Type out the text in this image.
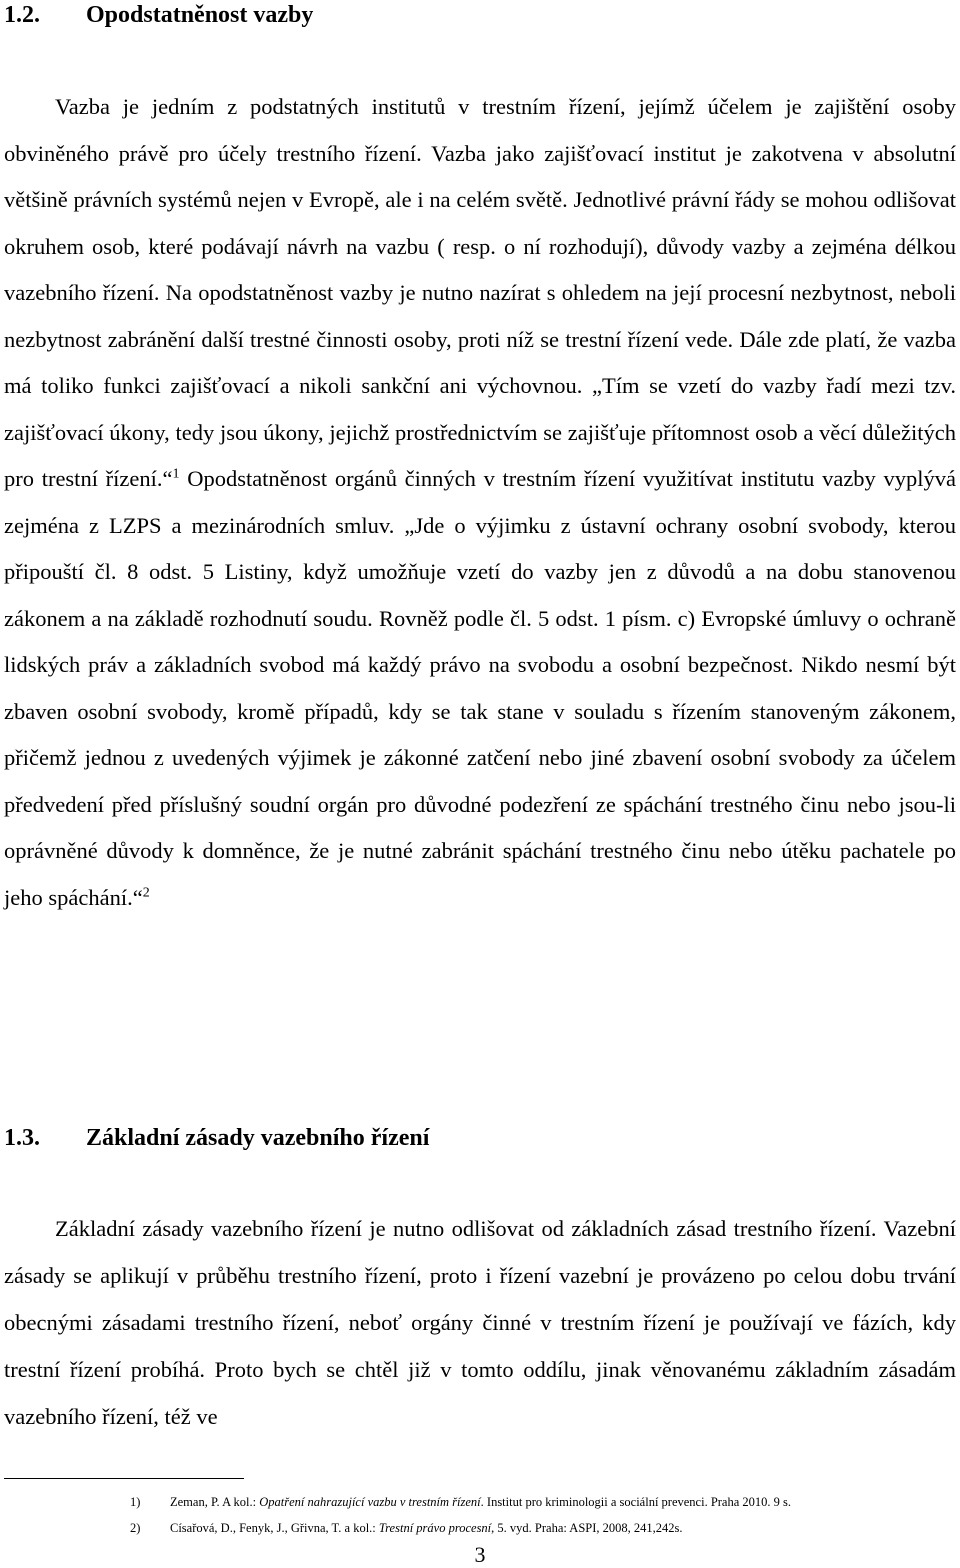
1.2. Opodstatněnost vazby

Vazba je jedním z podstatných institutů v trestním řízení, jejímž účelem je zajištění osoby obviněného právě pro účely trestního řízení. Vazba jako zajišťovací institut je zakotvena v absolutní většině právních systémů nejen v Evropě, ale i na celém světě. Jednotlivé právní řády se mohou odlišovat okruhem osob, které podávají návrh na vazbu ( resp. o ní rozhodují), důvody vazby a zejména délkou vazebního řízení. Na opodstatněnost vazby je nutno nazírat s ohledem na její procesní nezbytnost, neboli nezbytnost zabránění další trestné činnosti osoby, proti níž se trestní řízení vede. Dále zde platí, že vazba má toliko funkci zajišťovací a nikoli sankční ani výchovnou. „Tím se vzetí do vazby řadí mezi tzv. zajišťovací úkony, tedy jsou úkony, jejichž prostřednictvím se zajišťuje přítomnost osob a věcí důležitých pro trestní řízení.“$^1$ Opodstatněnost orgánů činných v trestním řízení využitívat institutu vazby vyplývá zejména z LZPS a mezinárodních smluv. „Jde o výjimku z ústavní ochrany osobní svobody, kterou připouští čl. 8 odst. 5 Listiny, když umožňuje vzetí do vazby jen z důvodů a na dobu stanovenou zákonem a na základě rozhodnutí soudu. Rovněž podle čl. 5 odst. 1 písm. c) Evropské úmluvy o ochraně lidských práv a základních svobod má každý právo na svobodu a osobní bezpečnost. Nikdo nesmí být zbaven osobní svobody, kromě případů, kdy se tak stane v souladu s řízením stanoveným zákonem, přičemž jednou z uvedených výjimek je zákonné zatčení nebo jiné zbavení osobní svobody za účelem předvedení před příslušný soudní orgán pro důvodné podezření ze spáchání trestného činu nebo jsou-li oprávněné důvody k domněnce, že je nutné zabránit spáchání trestného činu nebo útěku pachatele po jeho spáchání.“$^2$

1.3. Základní zásady vazebního řízení

Základní zásady vazebního řízení je nutno odlišovat od základních zásad trestního řízení. Vazební zásady se aplikují v průběhu trestního řízení, proto i řízení vazební je provázeno po celou dobu trvání obecnými zásadami trestního řízení, neboť orgány činné v trestním řízení je používají ve fázích, kdy trestní řízení probíhá. Proto bych se chtěl již v tomto oddílu, jinak věnovanému základním zásadám vazebního řízení, též ve

1) Zeman, P. A kol.: Opatření nahrazující vazbu v trestním řízení. Institut pro kriminologii a sociální prevenci. Praha 2010. 9 s.
2) Císařová, D., Fenyk, J., Gřivna, T. a kol.: Trestní právo procesní, 5. vyd. Praha: ASPI, 2008, 241,242s.
3
